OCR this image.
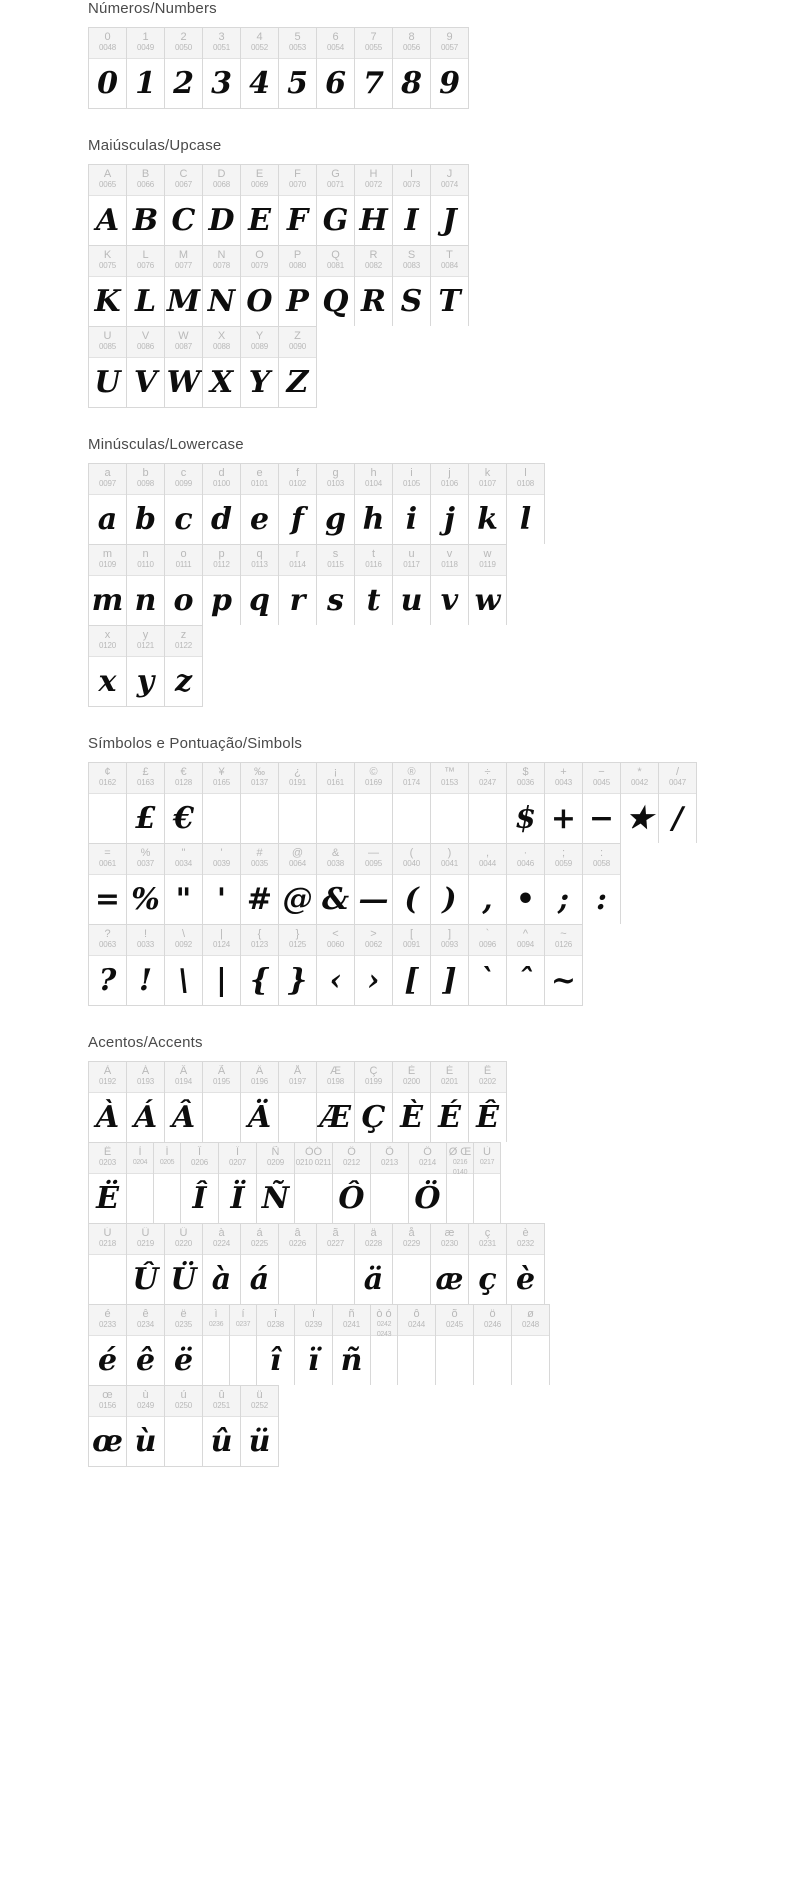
Números/Numbers
0
0048
0
1
0049
1
2
0050
2
3
0051
3
4
0052
4
5
0053
5
6
0054
6
7
0055
7
8
0056
8
9
0057
9
Maiúsculas/Upcase
A
0065
A
B
0066
B
C
0067
C
D
0068
D
E
0069
E
F
0070
F
G
0071
G
H
0072
H
I
0073
I
J
0074
J
K
0075
K
L
0076
L
M
0077
M
N
0078
N
O
0079
O
P
0080
P
Q
0081
Q
R
0082
R
S
0083
S
T
0084
T
U
0085
U
V
0086
V
W
0087
W
X
0088
X
Y
0089
Y
Z
0090
Z
Minúsculas/Lowercase
a
0097
a
b
0098
b
c
0099
c
d
0100
d
e
0101
e
f
0102
f
g
0103
g
h
0104
h
i
0105
i
j
0106
j
k
0107
k
l
0108
l
m
0109
m
n
0110
n
o
0111
o
p
0112
p
q
0113
q
r
0114
r
s
0115
s
t
0116
t
u
0117
u
v
0118
v
w
0119
w
x
0120
x
y
0121
y
z
0122
z
Símbolos e Pontuação/Simbols
¢
0162
£
0163
£
€
0128
€
¥
0165
‰
0137
¿
0191
¡
0161
©
0169
®
0174
™
0153
÷
0247
$
0036
$
+
0043
+
−
0045
−
*
0042
★
/
0047
/
=
0061
=
%
0037
%
"
0034
"
'
0039
'
#
0035
#
@
0064
@
&
0038
&
—
0095
—
(
0040
(
)
0041
)
,
0044
,
·
0046
•
;
0059
;
:
0058
:
?
0063
?
!
0033
!
\
0092
\
|
0124
|
{
0123
{
}
0125
}
<
0060
‹
>
0062
›
[
0091
[
]
0093
]
`
0096
ˋ
^
0094
ˆ
~
0126
~
Acentos/Accents
À
0192
À
Á
0193
Á
Â
0194
Â
Ã
0195
Ä
0196
Ä
Å
0197
Æ
0198
Æ
Ç
0199
Ç
È
0200
È
É
0201
É
Ê
0202
Ê
Ë
0203
Ë
Ì
0204
Í
0205
Î
0206
Î
Ï
0207
Ï
Ñ
0209
Ñ
ÒÓ
0210 0211
Ô
0212
Ô
Õ
0213
Ö
0214
Ö
Ø Œ
0216 0140
Ù
0217
Ú
0218
Û
0219
Û
Ü
0220
Ü
à
0224
à
á
0225
á
â
0226
ã
0227
ä
0228
ä
å
0229
æ
0230
æ
ç
0231
ç
è
0232
è
é
0233
é
ê
0234
ê
ë
0235
ë
ì
0236
í
0237
î
0238
î
ï
0239
ï
ñ
0241
ñ
ò ó
0242 0243
ô
0244
õ
0245
ö
0246
ø
0248
œ
0156
œ
ù
0249
ù
ú
0250
û
0251
û
ü
0252
ü
